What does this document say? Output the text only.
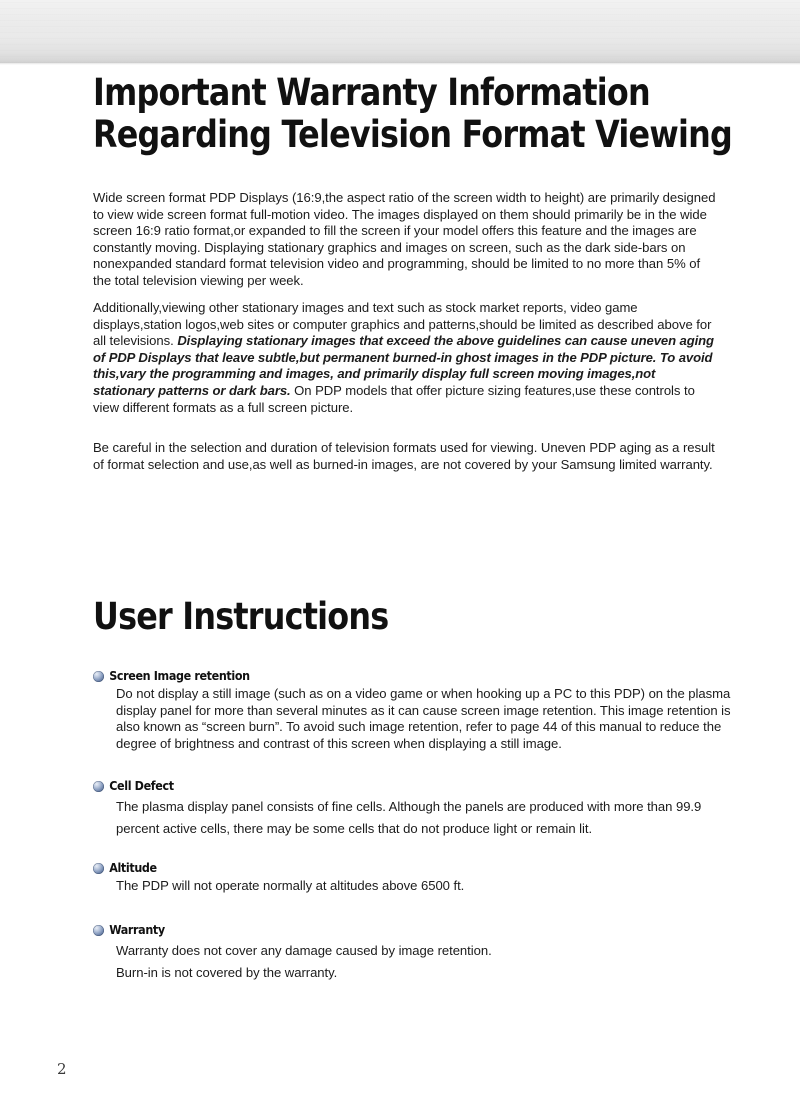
Important Warranty Information
Regarding Television Format Viewing

Wide screen format PDP Displays (16:9,the aspect ratio of the screen width to height) are primarily designed to view wide screen format full-motion video. The images displayed on them should primarily be in the wide screen 16:9 ratio format,or expanded to fill the screen if your model offers this feature and the images are constantly moving. Displaying stationary graphics and images on screen, such as the dark side-bars on nonexpanded standard format television video and programming, should be limited to no more than 5% of the total television viewing per week.

Additionally,viewing other stationary images and text such as stock market reports, video game displays,station logos,web sites or computer graphics and patterns,should be limited as described above for all televisions. Displaying stationary images that exceed the above guidelines can cause uneven aging of PDP Displays that leave subtle,but permanent burned-in ghost images in the PDP picture. To avoid this,vary the programming and images, and primarily display full screen moving images,not stationary patterns or dark bars. On PDP models that offer picture sizing features,use these controls to view different formats as a full screen picture.

Be careful in the selection and duration of television formats used for viewing. Uneven PDP aging as a result of format selection and use,as well as burned-in images, are not covered by your Samsung limited warranty.

User Instructions

Screen Image retention

Do not display a still image (such as on a video game or when hooking up a PC to this PDP) on the plasma display panel for more than several minutes as it can cause screen image retention. This image retention is also known as “screen burn”. To avoid such image retention, refer to page 44 of this manual to reduce the degree of brightness and contrast of this screen when displaying a still image.

Cell Defect

The plasma display panel consists of fine cells. Although the panels are produced with more than 99.9 percent active cells, there may be some cells that do not produce light or remain lit.

Altitude

The PDP will not operate normally at altitudes above 6500 ft.

Warranty

Warranty does not cover any damage caused by image retention.
Burn-in is not covered by the warranty.

2
